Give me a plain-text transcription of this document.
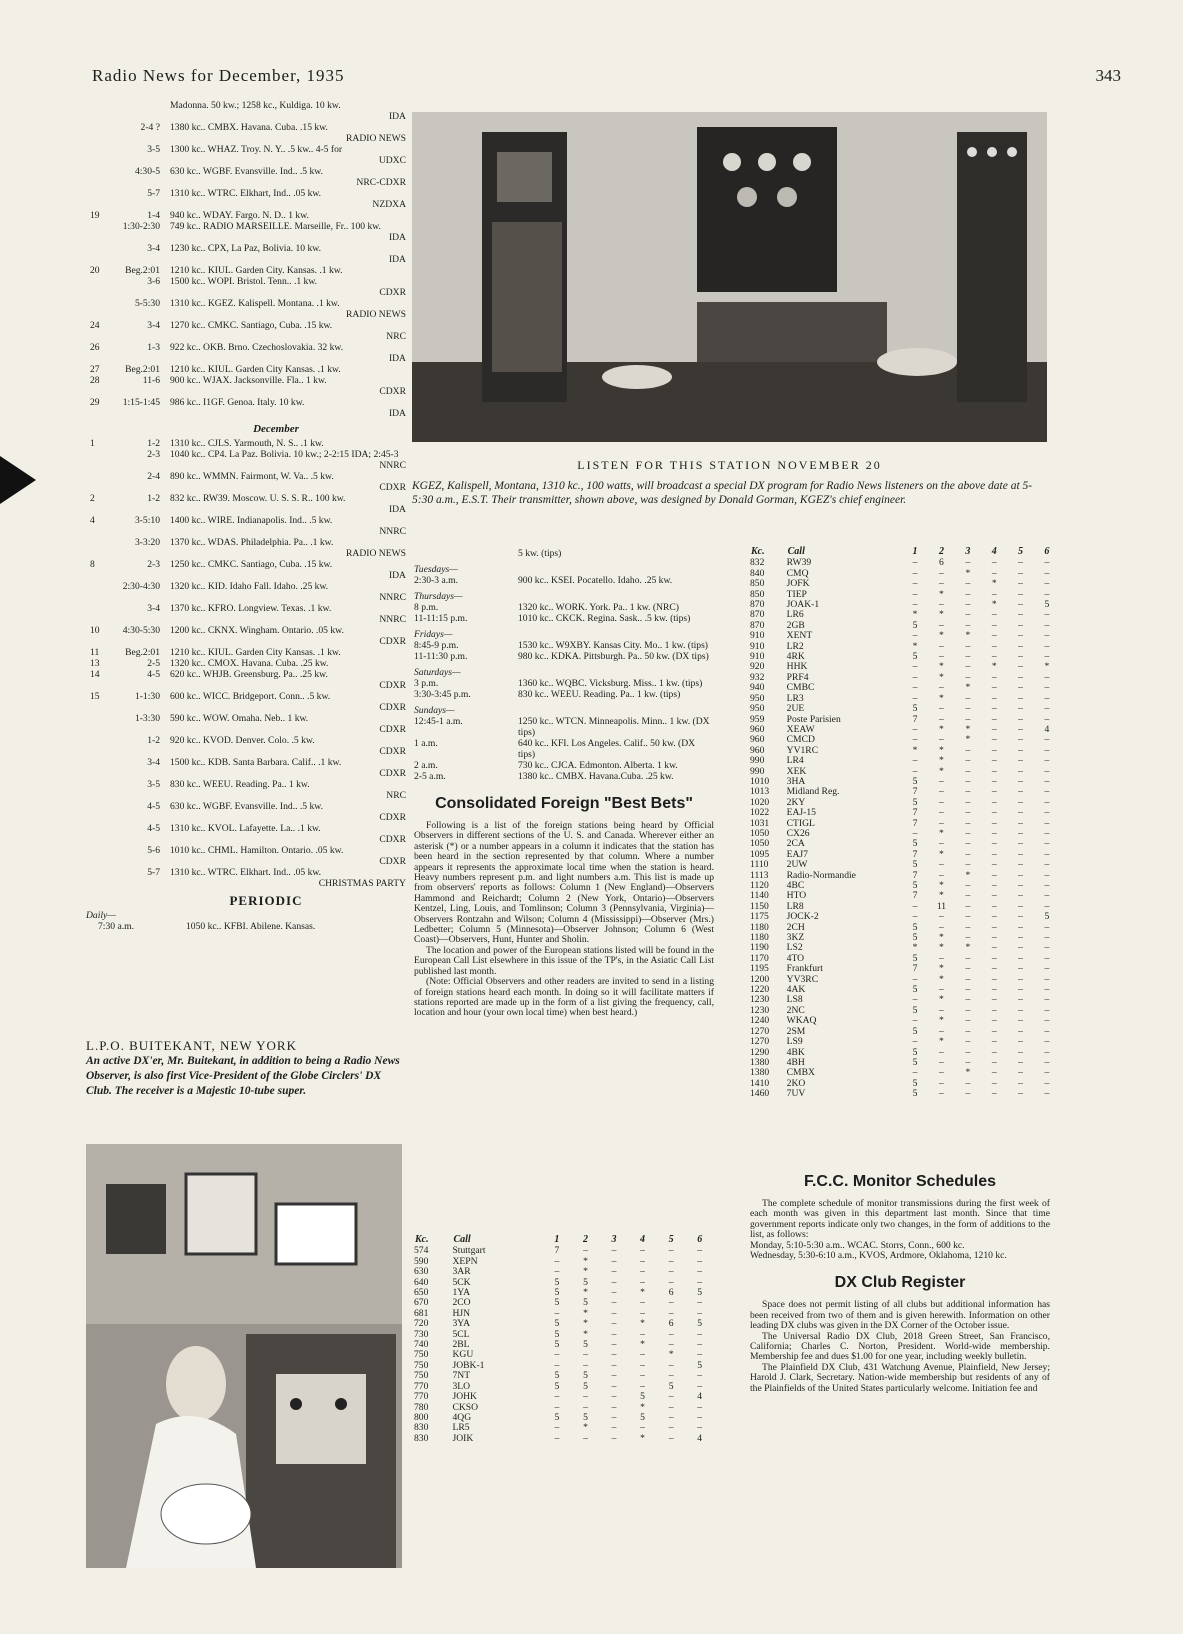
Radio News for December, 1935	343
Madonna. 50 kw.; 1258 kc., Kuldiga. 10 kw.
IDA
2-4 ? 1380 kc.. CMBX. Havana. Cuba. .15 kw.
RADIO NEWS
3-5 1300 kc.. WHAZ. Troy. N. Y.. .5 kw.. 4-5 for
UDXC
4:30-5 630 kc.. WGBF. Evansville. Ind.. .5 kw.
NRC-CDXR
5-7 1310 kc.. WTRC. Elkhart, Ind.. .05 kw.
NZDXA
19	1-4 940 kc.. WDAY. Fargo. N. D.. 1 kw.
1:30-2:30 749 kc.. RADIO MARSEILLE. Marseille, Fr.. 100 kw.
IDA
3-4 1230 kc.. CPX, La Paz, Bolivia. 10 kw.
IDA
20	Beg.2:01 1210 kc.. KIUL. Garden City. Kansas. .1 kw.
3-6 1500 kc.. WOPI. Bristol. Tenn.. .1 kw.
CDXR
5-5:30 1310 kc.. KGEZ. Kalispell. Montana. .1 kw.
RADIO NEWS
24	3-4 1270 kc.. CMKC. Santiago, Cuba. .15 kw.
NRC
26	1-3 922 kc.. OKB. Brno. Czechoslovakia. 32 kw.
IDA
27	Beg.2:01 1210 kc.. KIUL. Garden City Kansas. .1 kw.
28	11-6 900 kc.. WJAX. Jacksonville. Fla.. 1 kw.
CDXR
29	1:15-1:45 986 kc.. I1GF. Genoa. Italy. 10 kw.
IDA
December
1	1-2 1310 kc.. CJLS. Yarmouth, N. S.. .1 kw.
2-3 1040 kc.. CP4. La Paz. Bolivia. 10 kw.; 2-2:15 IDA; 2:45-3
NNRC
2-4 890 kc.. WMMN. Fairmont, W. Va.. .5 kw.
CDXR
2	1-2 832 kc.. RW39. Moscow. U. S. S. R.. 100 kw.
IDA
4	3-5:10 1400 kc.. WIRE. Indianapolis. Ind.. .5 kw.
NNRC
3-3:20 1370 kc.. WDAS. Philadelphia. Pa.. .1 kw.
RADIO NEWS
8	2-3 1250 kc.. CMKC. Santiago, Cuba. .15 kw.
IDA
2:30-4:30 1320 kc.. KID. Idaho Fall. Idaho. .25 kw.
NNRC
3-4 1370 kc.. KFRO. Longview. Texas. .1 kw.
NNRC
10	4:30-5:30 1200 kc.. CKNX. Wingham. Ontario. .05 kw.
CDXR
11	Beg.2:01 1210 kc.. KIUL. Garden City Kansas. .1 kw.
13	2-5 1320 kc.. CMOX. Havana. Cuba. .25 kw.
14	4-5 620 kc.. WHJB. Greensburg. Pa.. .25 kw.
CDXR
15	1-1:30 600 kc.. WICC. Bridgeport. Conn.. .5 kw.
CDXR
1-3:30 590 kc.. WOW. Omaha. Neb.. 1 kw.
CDXR
1-2 920 kc.. KVOD. Denver. Colo. .5 kw.
CDXR
3-4 1500 kc.. KDB. Santa Barbara. Calif.. .1 kw.
CDXR
3-5 830 kc.. WEEU. Reading. Pa.. 1 kw.
NRC
4-5 630 kc.. WGBF. Evansville. Ind.. .5 kw.
CDXR
4-5 1310 kc.. KVOL. Lafayette. La.. .1 kw.
CDXR
5-6 1010 kc.. CHML. Hamilton. Ontario. .05 kw.
CDXR
5-7 1310 kc.. WTRC. Elkhart. Ind.. .05 kw.
CHRISTMAS PARTY
PERIODIC
Daily—
7:30 a.m.	1050 kc.. KFBI. Abilene. Kansas.
L.P.O. BUITEKANT, NEW YORK
An active DX'er, Mr. Buitekant, in addition to being a Radio News Observer, is also first Vice-President of the Globe Circlers' DX Club. The receiver is a Majestic 10-tube super.
LISTEN FOR THIS STATION NOVEMBER 20
KGEZ, Kalispell, Montana, 1310 kc., 100 watts, will broadcast a special DX program for Radio News listeners on the above date at 5-5:30 a.m., E.S.T. Their transmitter, shown above, was designed by Donald Gorman, KGEZ's chief engineer.
5 kw. (tips)
Tuesdays—
2:30-3 a.m.	900 kc.. KSEI. Pocatello. Idaho. .25 kw.
Thursdays—
8 p.m.	1320 kc.. WORK. York. Pa.. 1 kw. (NRC)
11-11:15 p.m.	1010 kc.. CKCK. Regina. Sask.. .5 kw. (tips)
Fridays—
8:45-9 p.m.	1530 kc.. W9XBY. Kansas City. Mo.. 1 kw. (tips)
11-11:30 p.m.	980 kc.. KDKA. Pittsburgh. Pa.. 50 kw. (DX tips)
Saturdays—
3 p.m.	1360 kc.. WQBC. Vicksburg. Miss.. 1 kw. (tips)
3:30-3:45 p.m.	830 kc.. WEEU. Reading. Pa.. 1 kw. (tips)
Sundays—
12:45-1 a.m.	1250 kc.. WTCN. Minneapolis. Minn.. 1 kw. (DX tips)
1 a.m.	640 kc.. KFI. Los Angeles. Calif.. 50 kw. (DX tips)
2 a.m.	730 kc.. CJCA. Edmonton. Alberta. 1 kw.
2-5 a.m.	1380 kc.. CMBX. Havana.Cuba. .25 kw.
Consolidated Foreign "Best Bets"

Following is a list of the foreign stations being heard by Official Observers in different sections of the U. S. and Canada. Wherever either an asterisk (*) or a number appears in a column it indicates that the station has been heard in the section represented by that column. Where a number appears it represents the approximate local time when the station is heard. Heavy numbers represent p.m. and light numbers a.m. This list is made up from observers' reports as follows: Column 1 (New England)—Observers Hammond and Reichardt; Column 2 (New York, Ontario)—Observers Kentzel, Ling, Louis, and Tomlinson; Column 3 (Pennsylvania, Virginia)—Observers Rontzahn and Wilson; Column 4 (Mississippi)—Observer (Mrs.) Ledbetter; Column 5 (Minnesota)—Observer Johnson; Column 6 (West Coast)—Observers, Hunt, Hunter and Sholin.

The location and power of the European stations listed will be found in the European Call List elsewhere in this issue of the TP's, in the Asiatic Call List published last month.

(Note: Official Observers and other readers are invited to send in a listing of foreign stations heard each month. In doing so it will facilitate matters if stations reported are made up in the form of a list giving the frequency, call, location and hour (your own local time) when best heard.)

Kc.	Call	1	2	3	4	5	6
574	Stuttgart	7	–	–	–	–	–
590	XEPN	–	*	–	–	–	–
630	3AR	–	*	–	–	–	–
640	5CK	5	5	–	–	–	–
650	1YA	5	*	–	*	6	5
670	2CO	5	5	–	–	–	–
681	HJN	–	*	–	–	–	–
720	3YA	5	*	–	*	6	5
730	5CL	5	*	–	–	–	–
740	2BL	5	5	–	*	–	–
750	KGU	–	–	–	–	*	–
750	JOBK-1	–	–	–	–	–	5
750	7NT	5	5	–	–	–	–
770	3LO	5	5	–	–	5	–
770	JOHK	–	–	–	5	–	4
780	CKSO	–	–	–	*	–	–
800	4QG	5	5	–	5	–	–
830	LR5	–	*	–	–	–	–
830	JOIK	–	–	–	*	–	4
Kc.	Call	1	2	3	4	5	6
832	RW39	–	6	–	–	–	–
840	CMQ	–	–	*	–	–	–
850	JOFK	–	–	–	*	–	–
850	TIEP	–	*	–	–	–	–
870	JOAK-1	–	–	–	*	–	5
870	LR6	*	*	–	–	–	–
870	2GB	5	–	–	–	–	–
910	XENT	–	*	*	–	–	–
910	LR2	*	–	–	–	–	–
910	4RK	5	–	–	–	–	–
920	HHK	–	*	–	*	–	*
932	PRF4	–	*	–	–	–	–
940	CMBC	–	–	*	–	–	–
950	LR3	–	*	–	–	–	–
950	2UE	5	–	–	–	–	–
959	Poste Parisien	7	–	–	–	–	–
960	XEAW	–	*	*	–	–	4
960	CMCD	–	–	*	–	–	–
960	YV1RC	*	*	–	–	–	–
990	LR4	–	*	–	–	–	–
990	XEK	–	*	–	–	–	–
1010	3HA	5	–	–	–	–	–
1013	Midland Reg.	7	–	–	–	–	–
1020	2KY	5	–	–	–	–	–
1022	EAJ-15	7	–	–	–	–	–
1031	CTIGL	7	–	–	–	–	–
1050	CX26	–	*	–	–	–	–
1050	2CA	5	–	–	–	–	–
1095	EAJ7	7	*	–	–	–	–
1110	2UW	5	–	–	–	–	–
1113	Radio-Normandie	7	–	*	–	–	–
1120	4BC	5	*	–	–	–	–
1140	HTO	7	*	–	–	–	–
1150	LR8	–	11	–	–	–	–
1175	JOCK-2	–	–	–	–	–	5
1180	2CH	5	–	–	–	–	–
1180	3KZ	5	*	–	–	–	–
1190	LS2	*	*	*	–	–	–
1170	4TO	5	–	–	–	–	–
1195	Frankfurt	7	*	–	–	–	–
1200	YV3RC	–	*	–	–	–	–
1220	4AK	5	–	–	–	–	–
1230	LS8	–	*	–	–	–	–
1230	2NC	5	–	–	–	–	–
1240	WKAQ	–	*	–	–	–	–
1270	2SM	5	–	–	–	–	–
1270	LS9	–	*	–	–	–	–
1290	4BK	5	–	–	–	–	–
1380	4BH	5	–	–	–	–	–
1380	CMBX	–	–	*	–	–	–
1410	2KO	5	–	–	–	–	–
1460	7UV	5	–	–	–	–	–
F.C.C. Monitor Schedules

The complete schedule of monitor transmissions during the first week of each month was given in this department last month. Since that time government reports indicate only two changes, in the form of additions to the list, as follows:

Monday, 5:10-5:30 a.m.. WCAC. Storrs, Conn., 600 kc.

Wednesday, 5:30-6:10 a.m., KVOS, Ardmore, Oklahoma, 1210 kc.

DX Club Register

Space does not permit listing of all clubs but additional information has been received from two of them and is given herewith. Information on other leading DX clubs was given in the DX Corner of the October issue.

The Universal Radio DX Club, 2018 Green Street, San Francisco, California; Charles C. Norton, President. World-wide membership. Membership fee and dues $1.00 for one year, including weekly bulletin.

The Plainfield DX Club, 431 Watchung Avenue, Plainfield, New Jersey; Harold J. Clark, Secretary. Nation-wide membership but residents of any of the Plainfields of the United States particularly welcome. Initiation fee and
